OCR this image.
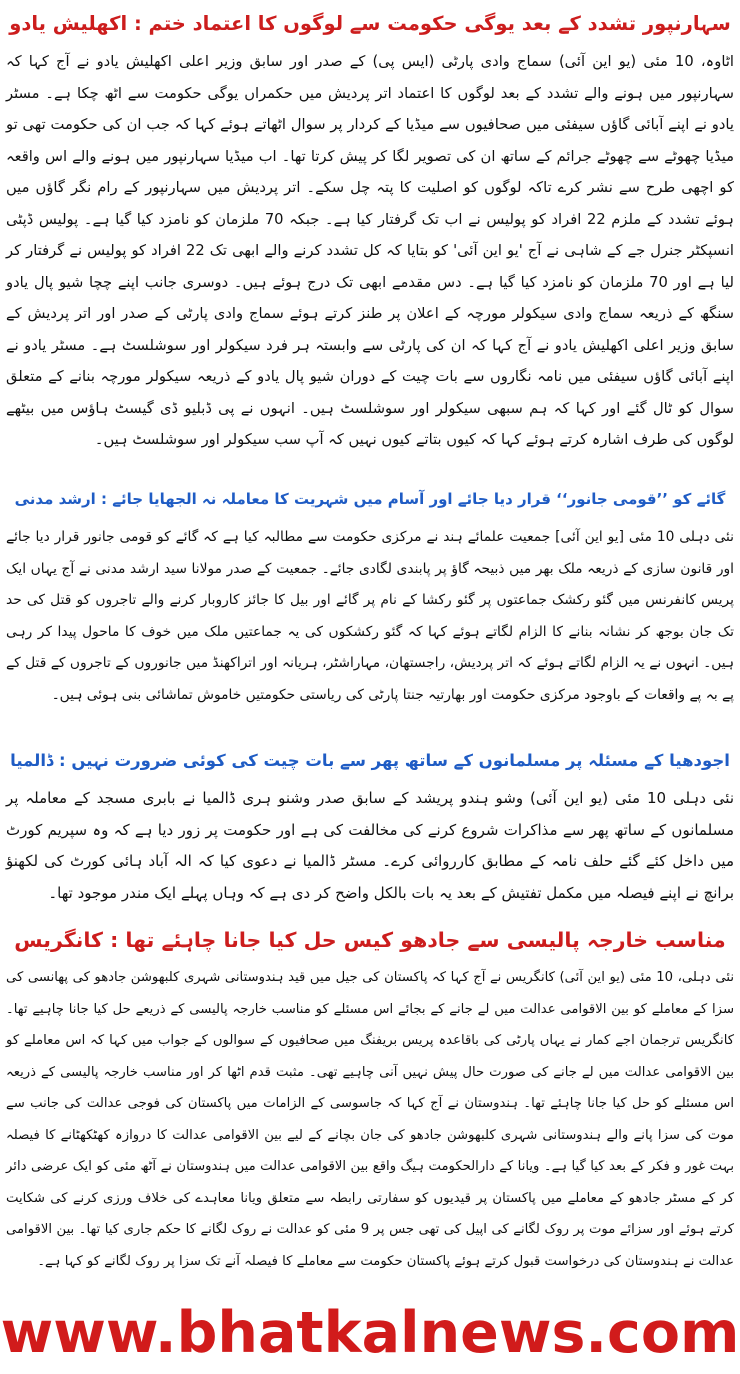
سہارنپور تشدد کے بعد یوگی حکومت سے لوگوں کا اعتماد ختم : اکھلیش یادو

اٹاوہ، 10 مئی (یو این آئی) سماج وادی پارٹی (ایس پی) کے صدر اور سابق وزیر اعلی اکھلیش یادو نے آج کہا کہ سہارنپور میں ہونے والے تشدد کے بعد لوگوں کا اعتماد اتر پردیش میں حکمراں یوگی حکومت سے اٹھ چکا ہے۔ مسٹر یادو نے اپنے آبائی گاؤں سیفئی میں صحافیوں سے میڈیا کے کردار پر سوال اٹھاتے ہوئے کہا کہ جب ان کی حکومت تھی تو میڈیا چھوٹے سے چھوٹے جرائم کے ساتھ ان کی تصویر لگا کر پیش کرتا تھا۔ اب میڈیا سہارنپور میں ہونے والے اس واقعہ کو اچھی طرح سے نشر کرے تاکہ لوگوں کو اصلیت کا پتہ چل سکے۔ اتر پردیش میں سہارنپور کے رام نگر گاؤں میں ہوئے تشدد کے ملزم 22 افراد کو پولیس نے اب تک گرفتار کیا ہے۔ جبکہ 70 ملزمان کو نامزد کیا گیا ہے۔ پولیس ڈپٹی انسپکٹر جنرل جے کے شاہی نے آج 'یو این آئی' کو بتایا کہ کل تشدد کرنے والے ابھی تک 22 افراد کو پولیس نے گرفتار کر لیا ہے اور 70 ملزمان کو نامزد کیا گیا ہے۔ دس مقدمے ابھی تک درج ہوئے ہیں۔ دوسری جانب اپنے چچا شیو پال یادو سنگھ کے ذریعہ سماج وادی سیکولر مورچہ کے اعلان پر طنز کرتے ہوئے سماج وادی پارٹی کے صدر اور اتر پردیش کے سابق وزیر اعلی اکھلیش یادو نے آج کہا کہ ان کی پارٹی سے وابستہ ہر فرد سیکولر اور سوشلسٹ ہے۔ مسٹر یادو نے اپنے آبائی گاؤں سیفئی میں نامہ نگاروں سے بات چیت کے دوران شیو پال یادو کے ذریعہ سیکولر مورچہ بنانے کے متعلق سوال کو ٹال گئے اور کہا کہ ہم سبھی سیکولر اور سوشلسٹ ہیں۔ انہوں نے پی ڈبلیو ڈی گیسٹ ہاؤس میں بیٹھے لوگوں کی طرف اشارہ کرتے ہوئے کہا کہ کیوں بتاتے کیوں نہیں کہ آپ سب سیکولر اور سوشلسٹ ہیں۔

گائے کو ’’قومی جانور‘‘ قرار دیا جائے اور آسام میں شہریت کا معاملہ نہ الجھایا جائے : ارشد مدنی

نئی دہلی 10 مئی [یو این آئی] جمعیت علمائے ہند نے مرکزی حکومت سے مطالبہ کیا ہے کہ گائے کو قومی جانور قرار دیا جائے اور قانون سازی کے ذریعہ ملک بھر میں ذبیحہ گاؤ پر پابندی لگادی جائے۔ جمعیت کے صدر مولانا سید ارشد مدنی نے آج یہاں ایک پریس کانفرنس میں گئو رکشک جماعتوں پر گئو رکشا کے نام پر گائے اور بیل کا جائز کاروبار کرنے والے تاجروں کو قتل کی حد تک جان بوجھ کر نشانہ بنانے کا الزام لگاتے ہوئے کہا کہ گئو رکشکوں کی یہ جماعتیں ملک میں خوف کا ماحول پیدا کر رہی ہیں۔ انہوں نے یہ الزام لگاتے ہوئے کہ اتر پردیش، راجستھان، مہاراشٹر، ہریانہ اور اتراکھنڈ میں جانوروں کے تاجروں کے قتل کے پے بہ پے واقعات کے باوجود مرکزی حکومت اور بھارتیہ جنتا پارٹی کی ریاستی حکومتیں خاموش تماشائی بنی ہوئی ہیں۔

اجودھیا کے مسئلہ پر مسلمانوں کے ساتھ پھر سے بات چیت کی کوئی ضرورت نہیں : ڈالمیا

نئی دہلی 10 مئی (یو این آئی) وشو ہندو پریشد کے سابق صدر وشنو ہری ڈالمیا نے بابری مسجد کے معاملہ پر مسلمانوں کے ساتھ پھر سے مذاکرات شروع کرنے کی مخالفت کی ہے اور حکومت پر زور دیا ہے کہ وہ سپریم کورٹ میں داخل کئے گئے حلف نامہ کے مطابق کارروائی کرے۔ مسٹر ڈالمیا نے دعوی کیا کہ الہ آباد ہائی کورٹ کی لکھنؤ برانچ نے اپنے فیصلہ میں مکمل تفتیش کے بعد یہ بات بالکل واضح کر دی ہے کہ وہاں پہلے ایک مندر موجود تھا۔

مناسب خارجہ پالیسی سے جادھو کیس حل کیا جانا چاہئے تھا : کانگریس

نئی دہلی، 10 مئی (یو این آئی) کانگریس نے آج کہا کہ پاکستان کی جیل میں قید ہندوستانی شہری کلبھوشن جادھو کی پھانسی کی سزا کے معاملے کو بین الاقوامی عدالت میں لے جانے کے بجائے اس مسئلے کو مناسب خارجہ پالیسی کے ذریعے حل کیا جانا چاہیے تھا۔ کانگریس ترجمان اجے کمار نے یہاں پارٹی کی باقاعدہ پریس بریفنگ میں صحافیوں کے سوالوں کے جواب میں کہا کہ اس معاملے کو بین الاقوامی عدالت میں لے جانے کی صورت حال پیش نہیں آنی چاہیے تھی۔ مثبت قدم اٹھا کر اور مناسب خارجہ پالیسی کے ذریعہ اس مسئلے کو حل کیا جانا چاہئے تھا۔ ہندوستان نے آج کہا کہ جاسوسی کے الزامات میں پاکستان کی فوجی عدالت کی جانب سے موت کی سزا پانے والے ہندوستانی شہری کلبھوشن جادھو کی جان بچانے کے لیے بین الاقوامی عدالت کا دروازہ کھٹکھٹانے کا فیصلہ بہت غور و فکر کے بعد کیا گیا ہے۔ ویانا کے دارالحکومت ہیگ واقع بین الاقوامی عدالت میں ہندوستان نے آٹھ مئی کو ایک عرضی دائر کر کے مسٹر جادھو کے معاملے میں پاکستان پر قیدیوں کو سفارتی رابطہ سے متعلق ویانا معاہدے کی خلاف ورزی کرنے کی شکایت کرتے ہوئے اور سزائے موت پر روک لگانے کی اپیل کی تھی جس پر 9 مئی کو عدالت نے روک لگانے کا حکم جاری کیا تھا۔ بین الاقوامی عدالت نے ہندوستان کی درخواست قبول کرتے ہوئے پاکستان حکومت سے معاملے کا فیصلہ آنے تک سزا پر روک لگانے کو کہا ہے۔

www.bhatkalnews.com
